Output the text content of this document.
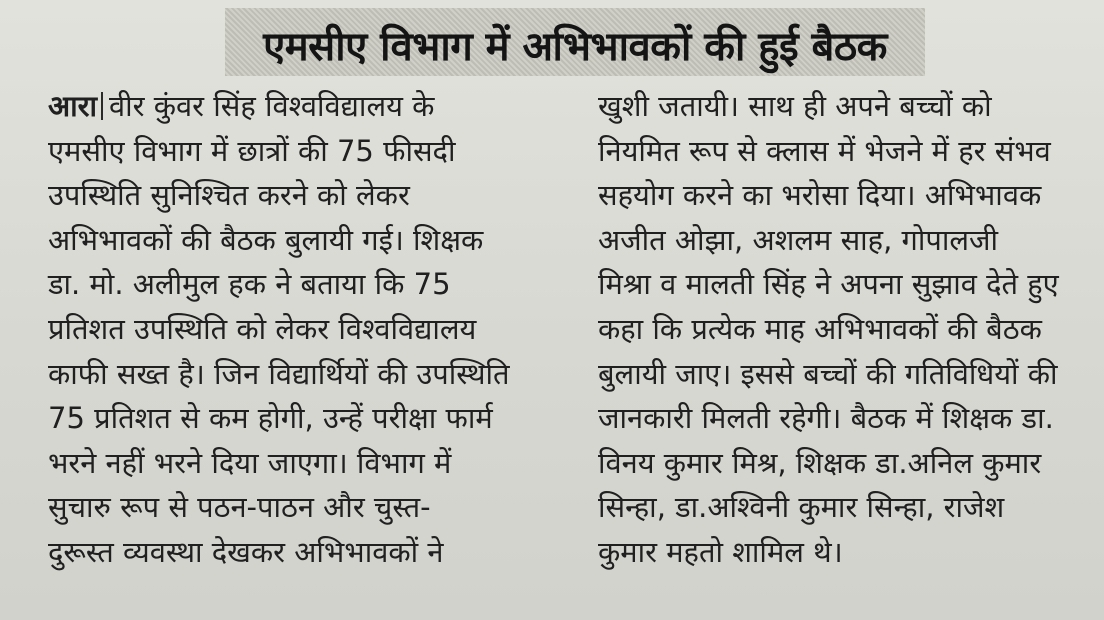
एमसीए विभाग में अभिभावकों की हुई बैठक
आरा वीर कुंवर सिंह विश्वविद्यालय के
एमसीए विभाग में छात्रों की 75 फीसदी
उपस्थिति सुनिश्चित करने को लेकर
अभिभावकों की बैठक बुलायी गई। शिक्षक
डा. मो. अलीमुल हक ने बताया कि 75
प्रतिशत उपस्थिति को लेकर विश्वविद्यालय
काफी सख्त है। जिन विद्यार्थियों की उपस्थिति
75 प्रतिशत से कम होगी, उन्हें परीक्षा फार्म
भरने नहीं भरने दिया जाएगा। विभाग में
सुचारु रूप से पठन-पाठन और चुस्त-
दुरूस्त व्यवस्था देखकर अभिभावकों ने
खुशी जतायी। साथ ही अपने बच्चों को
नियमित रूप से क्लास में भेजने में हर संभव
सहयोग करने का भरोसा दिया। अभिभावक
अजीत ओझा, अशलम साह, गोपालजी
मिश्रा व मालती सिंह ने अपना सुझाव देते हुए
कहा कि प्रत्येक माह अभिभावकों की बैठक
बुलायी जाए। इससे बच्चों की गतिविधियों की
जानकारी मिलती रहेगी। बैठक में शिक्षक डा.
विनय कुमार मिश्र, शिक्षक डा.अनिल कुमार
सिन्हा, डा.अश्विनी कुमार सिन्हा, राजेश
कुमार महतो शामिल थे।
